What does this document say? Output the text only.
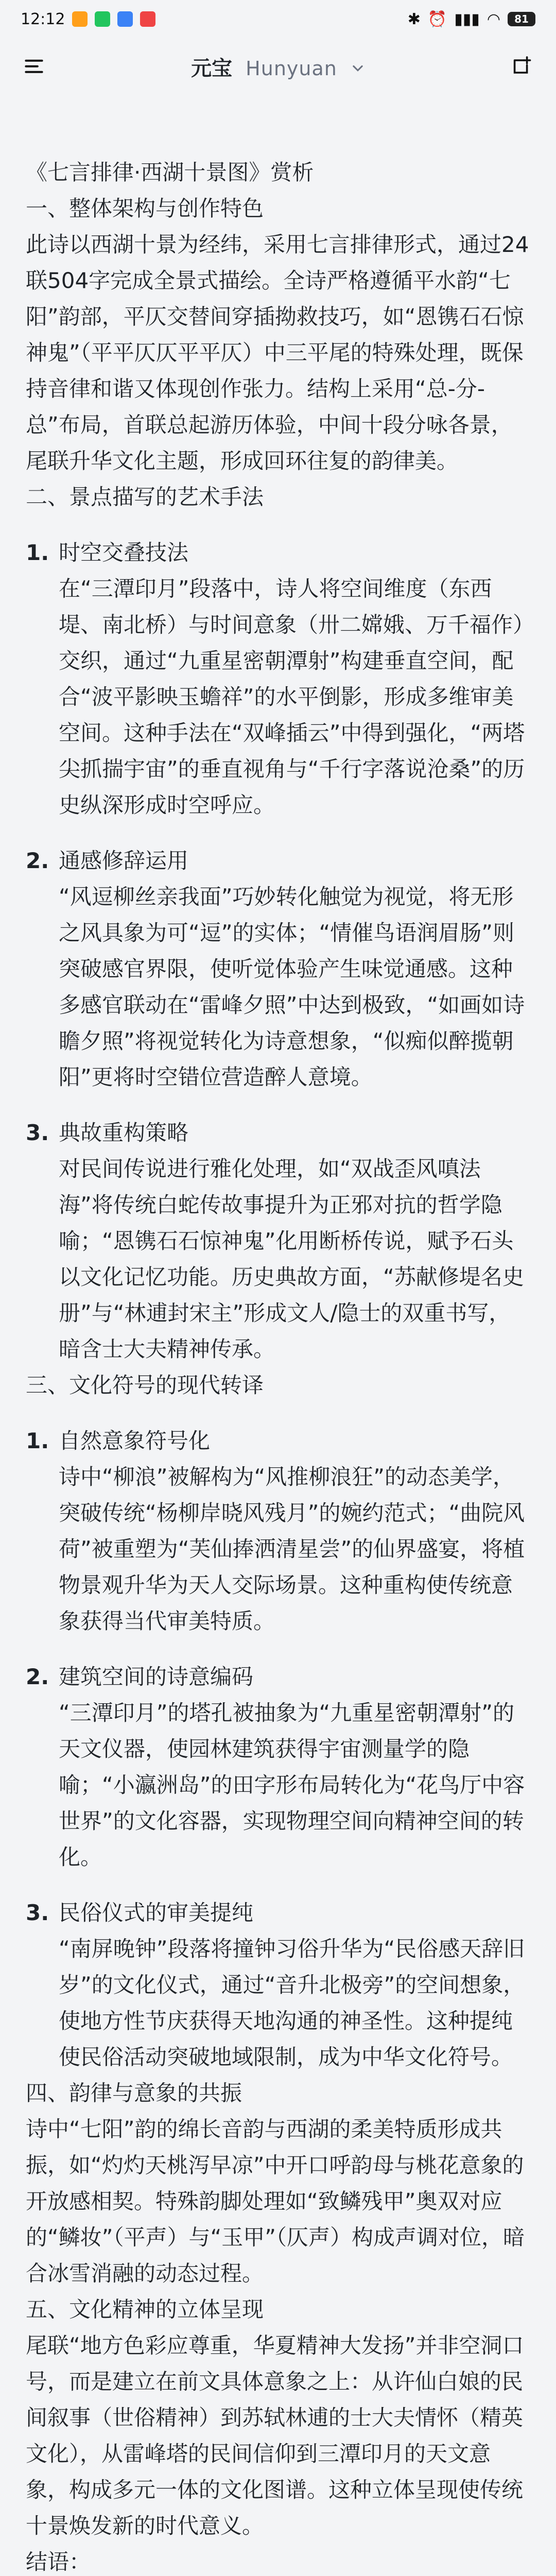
12:12	✱ ⏰ ▮▮▮ ◠	81
元宝 Hunyuan

《七言排律·西湖十景图》赏析

一、整体架构与创作特色

此诗以西湖十景为经纬，采用七言排律形式，通过24联504字完成全景式描绘。全诗严格遵循平水韵“七阳”韵部，平仄交替间穿插拗救技巧，如“恩镌石石惊神鬼”（平平仄仄平平仄）中三平尾的特殊处理，既保持音律和谐又体现创作张力。结构上采用“总-分-总”布局，首联总起游历体验，中间十段分咏各景，尾联升华文化主题，形成回环往复的韵律美。

二、景点描写的艺术手法

1. 时空交叠技法

在“三潭印月”段落中，诗人将空间维度（东西堤、南北桥）与时间意象（卅二嫦娥、万千福作）交织，通过“九重星密朝潭射”构建垂直空间，配合“波平影映玉蟾祥”的水平倒影，形成多维审美空间。这种手法在“双峰插云”中得到强化，“两塔尖抓揣宇宙”的垂直视角与“千行字落说沧桑”的历史纵深形成时空呼应。

2. 通感修辞运用

“风逗柳丝亲我面”巧妙转化触觉为视觉，将无形之风具象为可“逗”的实体；“情催鸟语润眉肠”则突破感官界限，使听觉体验产生味觉通感。这种多感官联动在“雷峰夕照”中达到极致，“如画如诗瞻夕照”将视觉转化为诗意想象，“似痴似醉揽朝阳”更将时空错位营造醉人意境。

3. 典故重构策略

对民间传说进行雅化处理，如“双战歪风嗔法海”将传统白蛇传故事提升为正邪对抗的哲学隐喻；“恩镌石石惊神鬼”化用断桥传说，赋予石头以文化记忆功能。历史典故方面，“苏献修堤名史册”与“林逋封宋主”形成文人/隐士的双重书写，暗含士大夫精神传承。

三、文化符号的现代转译

1. 自然意象符号化

诗中“柳浪”被解构为“风推柳浪狂”的动态美学，突破传统“杨柳岸晓风残月”的婉约范式；“曲院风荷”被重塑为“芙仙捧洒清星尝”的仙界盛宴，将植物景观升华为天人交际场景。这种重构使传统意象获得当代审美特质。

2. 建筑空间的诗意编码

“三潭印月”的塔孔被抽象为“九重星密朝潭射”的天文仪器，使园林建筑获得宇宙测量学的隐喻；“小瀛洲岛”的田字形布局转化为“花鸟厅中容世界”的文化容器，实现物理空间向精神空间的转化。

3. 民俗仪式的审美提纯

“南屏晚钟”段落将撞钟习俗升华为“民俗感天辞旧岁”的文化仪式，通过“音升北极旁”的空间想象，使地方性节庆获得天地沟通的神圣性。这种提纯使民俗活动突破地域限制，成为中华文化符号。

四、韵律与意象的共振

诗中“七阳”韵的绵长音韵与西湖的柔美特质形成共振，如“灼灼天桃泻早凉”中开口呼韵母与桃花意象的开放感相契。特殊韵脚处理如“致鳞残甲”奥双对应的“鳞妆”（平声）与“玉甲”（仄声）构成声调对位，暗合冰雪消融的动态过程。

五、文化精神的立体呈现

尾联“地方色彩应尊重，华夏精神大发扬”并非空洞口号，而是建立在前文具体意象之上：从许仙白娘的民间叙事（世俗精神）到苏轼林逋的士大夫情怀（精英文化），从雷峰塔的民间信仰到三潭印月的天文意象，构成多元一体的文化图谱。这种立体呈现使传统十景焕发新的时代意义。

结语：
